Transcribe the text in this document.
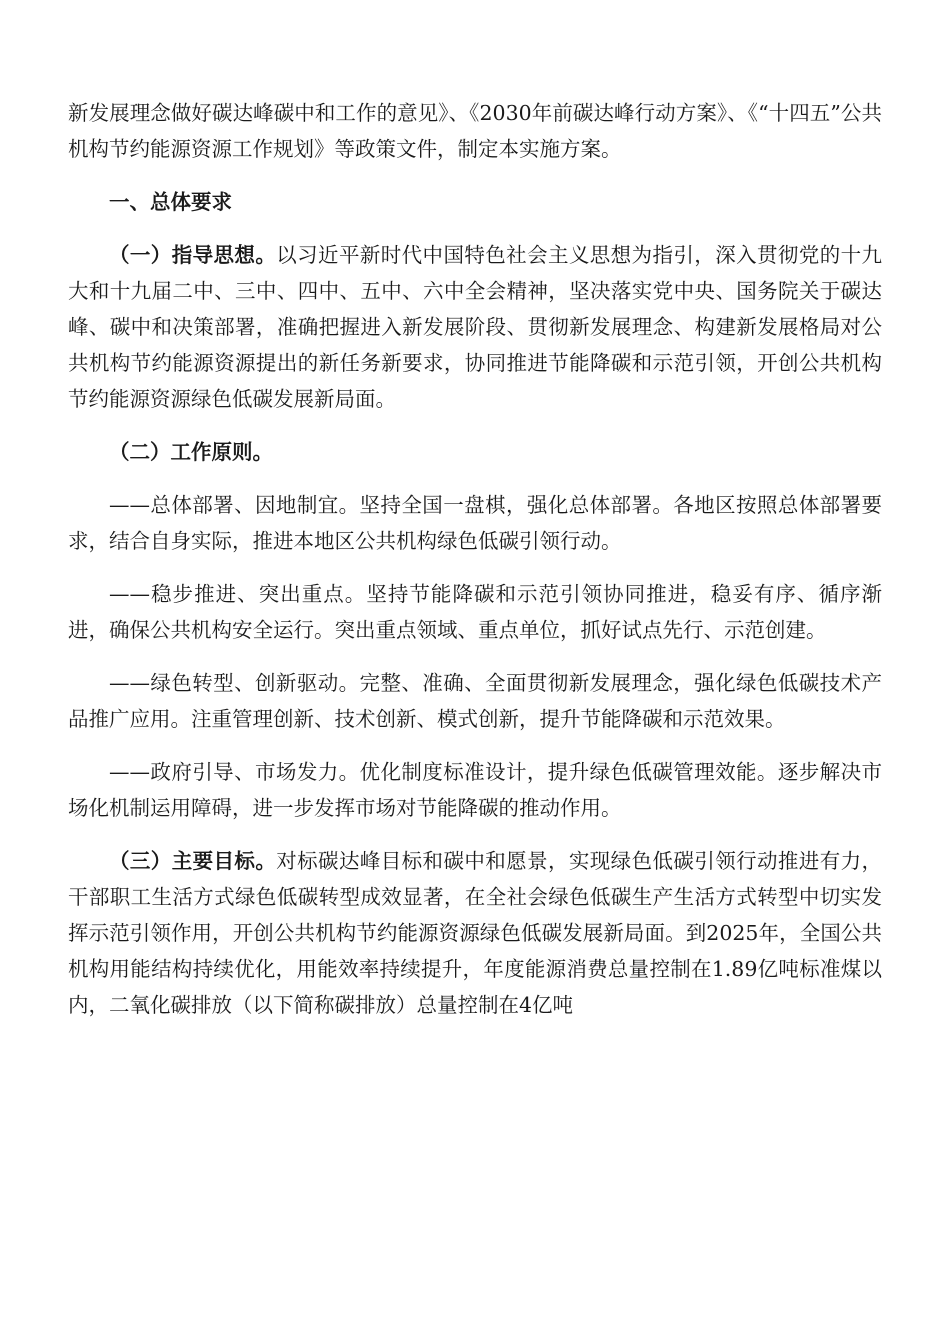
新发展理念做好碳达峰碳中和工作的意见》、《2030年前碳达峰行动方案》、《“十四五”公共机构节约能源资源工作规划》等政策文件，制定本实施方案。

一、总体要求

（一）指导思想。以习近平新时代中国特色社会主义思想为指引，深入贯彻党的十九大和十九届二中、三中、四中、五中、六中全会精神，坚决落实党中央、国务院关于碳达峰、碳中和决策部署，准确把握进入新发展阶段、贯彻新发展理念、构建新发展格局对公共机构节约能源资源提出的新任务新要求，协同推进节能降碳和示范引领，开创公共机构节约能源资源绿色低碳发展新局面。

（二）工作原则。

——总体部署、因地制宜。坚持全国一盘棋，强化总体部署。各地区按照总体部署要求，结合自身实际，推进本地区公共机构绿色低碳引领行动。

——稳步推进、突出重点。坚持节能降碳和示范引领协同推进，稳妥有序、循序渐进，确保公共机构安全运行。突出重点领域、重点单位，抓好试点先行、示范创建。

——绿色转型、创新驱动。完整、准确、全面贯彻新发展理念，强化绿色低碳技术产品推广应用。注重管理创新、技术创新、模式创新，提升节能降碳和示范效果。

——政府引导、市场发力。优化制度标准设计，提升绿色低碳管理效能。逐步解决市场化机制运用障碍，进一步发挥市场对节能降碳的推动作用。

（三）主要目标。对标碳达峰目标和碳中和愿景，实现绿色低碳引领行动推进有力，干部职工生活方式绿色低碳转型成效显著，在全社会绿色低碳生产生活方式转型中切实发挥示范引领作用，开创公共机构节约能源资源绿色低碳发展新局面。到2025年，全国公共机构用能结构持续优化，用能效率持续提升，年度能源消费总量控制在1.89亿吨标准煤以内，二氧化碳排放（以下简称碳排放）总量控制在4亿吨
